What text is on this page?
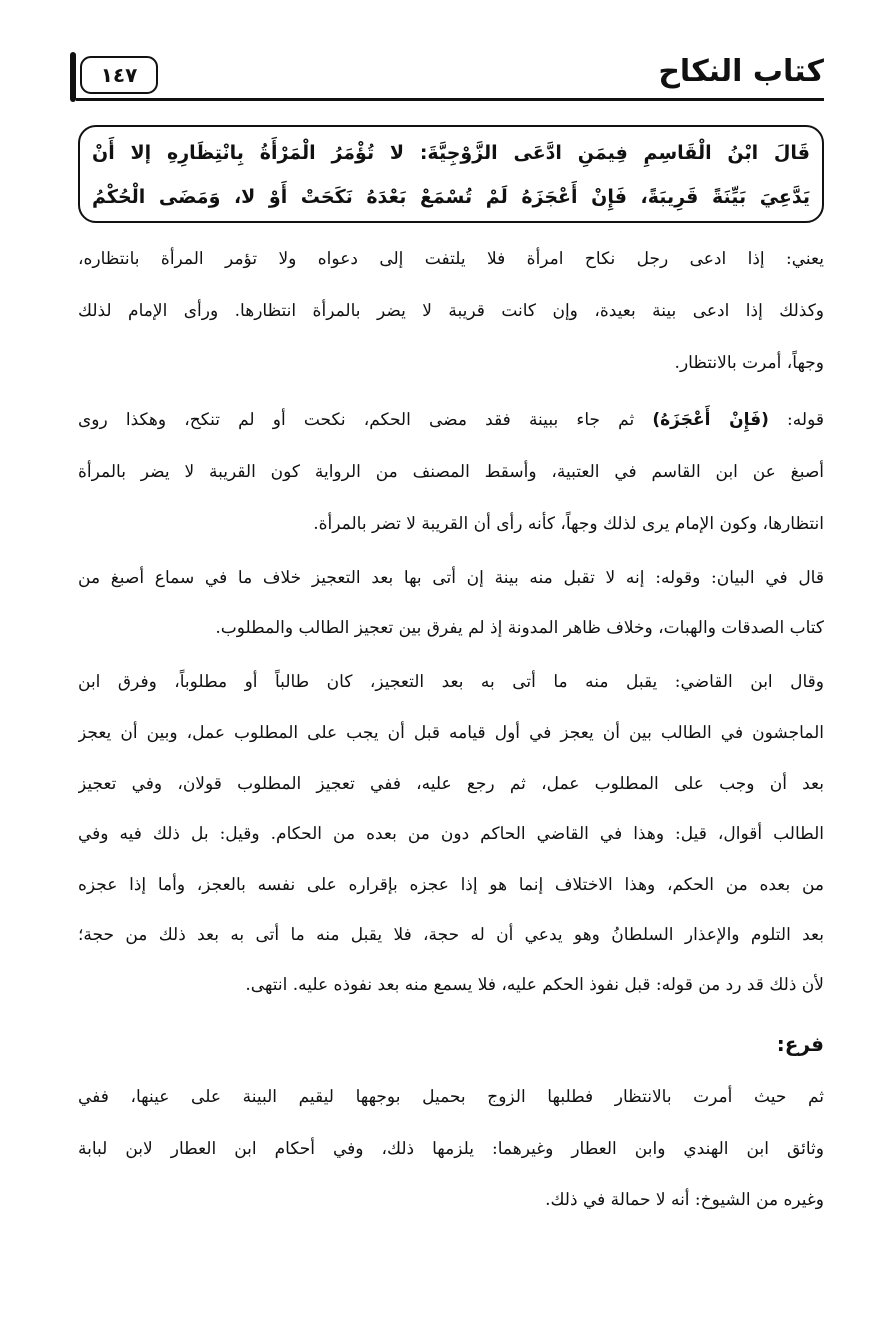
١٤٧	كتاب النكاح
قَالَ ابْنُ الْقَاسِمِ فِيمَنِ ادَّعَى الزَّوْجِيَّةَ: لا تُؤْمَرُ الْمَرْأَةُ بِانْتِظَارِهِ إلا أَنْ
يَدَّعِيَ بَيِّنَةً قَرِيبَةً، فَإِنْ أَعْجَزَهُ لَمْ تُسْمَعْ بَعْدَهُ نَكَحَتْ أَوْ لا، وَمَضَى الْحُكْمُ
يعني: إذا ادعى رجل نكاح امرأة فلا يلتفت إلى دعواه ولا تؤمر المرأة بانتظاره،
وكذلك إذا ادعى بينة بعيدة، وإن كانت قريبة لا يضر بالمرأة انتظارها. ورأى الإمام لذلك
وجهاً، أمرت بالانتظار.
قوله: (فَإِنْ أَعْجَزَهُ) ثم جاء ببينة فقد مضى الحكم، نكحت أو لم تنكح، وهكذا روى
أصبغ عن ابن القاسم في العتبية، وأسقط المصنف من الرواية كون القريبة لا يضر بالمرأة
انتظارها، وكون الإمام يرى لذلك وجهاً، كأنه رأى أن القريبة لا تضر بالمرأة.
قال في البيان: وقوله: إنه لا تقبل منه بينة إن أتى بها بعد التعجيز خلاف ما في سماع أصبغ من
كتاب الصدقات والهبات، وخلاف ظاهر المدونة إذ لم يفرق بين تعجيز الطالب والمطلوب.
وقال ابن القاضي: يقبل منه ما أتى به بعد التعجيز، كان طالباً أو مطلوباً، وفرق ابن
الماجشون في الطالب بين أن يعجز في أول قيامه قبل أن يجب على المطلوب عمل، وبين أن يعجز
بعد أن وجب على المطلوب عمل، ثم رجع عليه، ففي تعجيز المطلوب قولان، وفي تعجيز
الطالب أقوال، قيل: وهذا في القاضي الحاكم دون من بعده من الحكام. وقيل: بل ذلك فيه وفي
من بعده من الحكم، وهذا الاختلاف إنما هو إذا عجزه بإقراره على نفسه بالعجز، وأما إذا عجزه
بعد التلوم والإعذار السلطانُ وهو يدعي أن له حجة، فلا يقبل منه ما أتى به بعد ذلك من حجة؛
لأن ذلك قد رد من قوله: قبل نفوذ الحكم عليه، فلا يسمع منه بعد نفوذه عليه. انتهى.
فرع:
ثم حيث أمرت بالانتظار فطلبها الزوج بحميل بوجهها ليقيم البينة على عينها، ففي
وثائق ابن الهندي وابن العطار وغيرهما: يلزمها ذلك، وفي أحكام ابن العطار لابن لبابة
وغيره من الشيوخ: أنه لا حمالة في ذلك.
